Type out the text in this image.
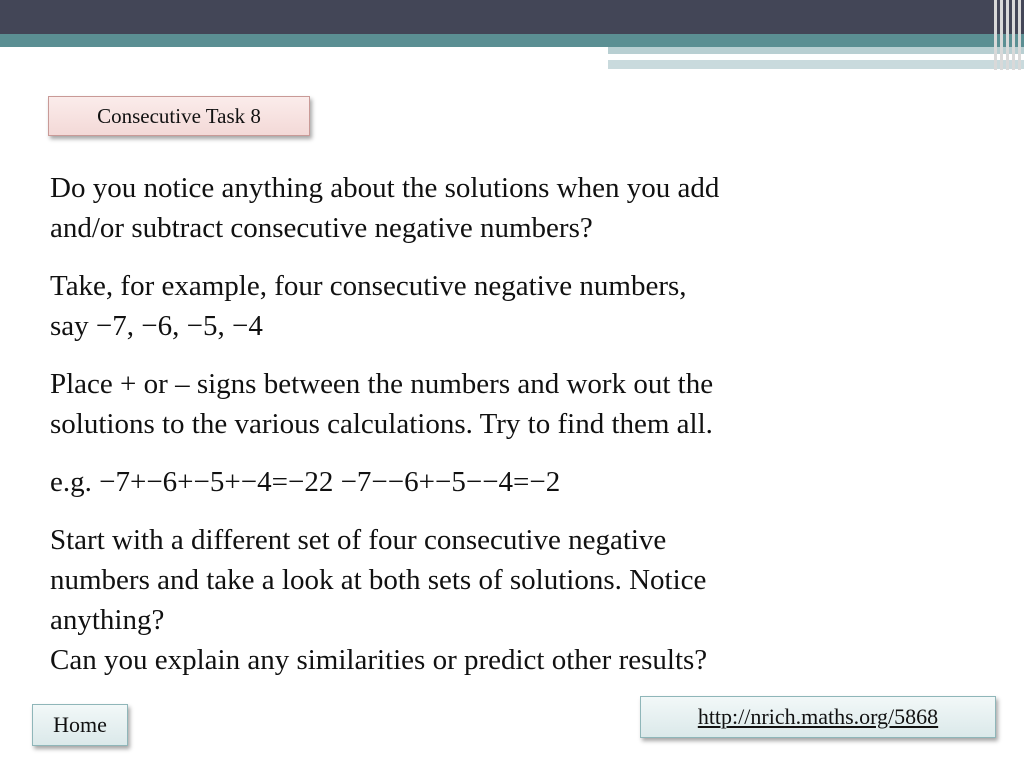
Consecutive Task 8

Do you notice anything about the solutions when you add
and/or subtract consecutive negative numbers?

Take, for example, four consecutive negative numbers,
say −7, −6, −5, −4

Place + or – signs between the numbers and work out the
solutions to the various calculations. Try to find them all.

e.g. −7+−6+−5+−4=−22 −7−−6+−5−−4=−2

Start with a different set of four consecutive negative
numbers and take a look at both sets of solutions. Notice
anything?
Can you explain any similarities or predict other results?

Home	http://nrich.maths.org/5868
